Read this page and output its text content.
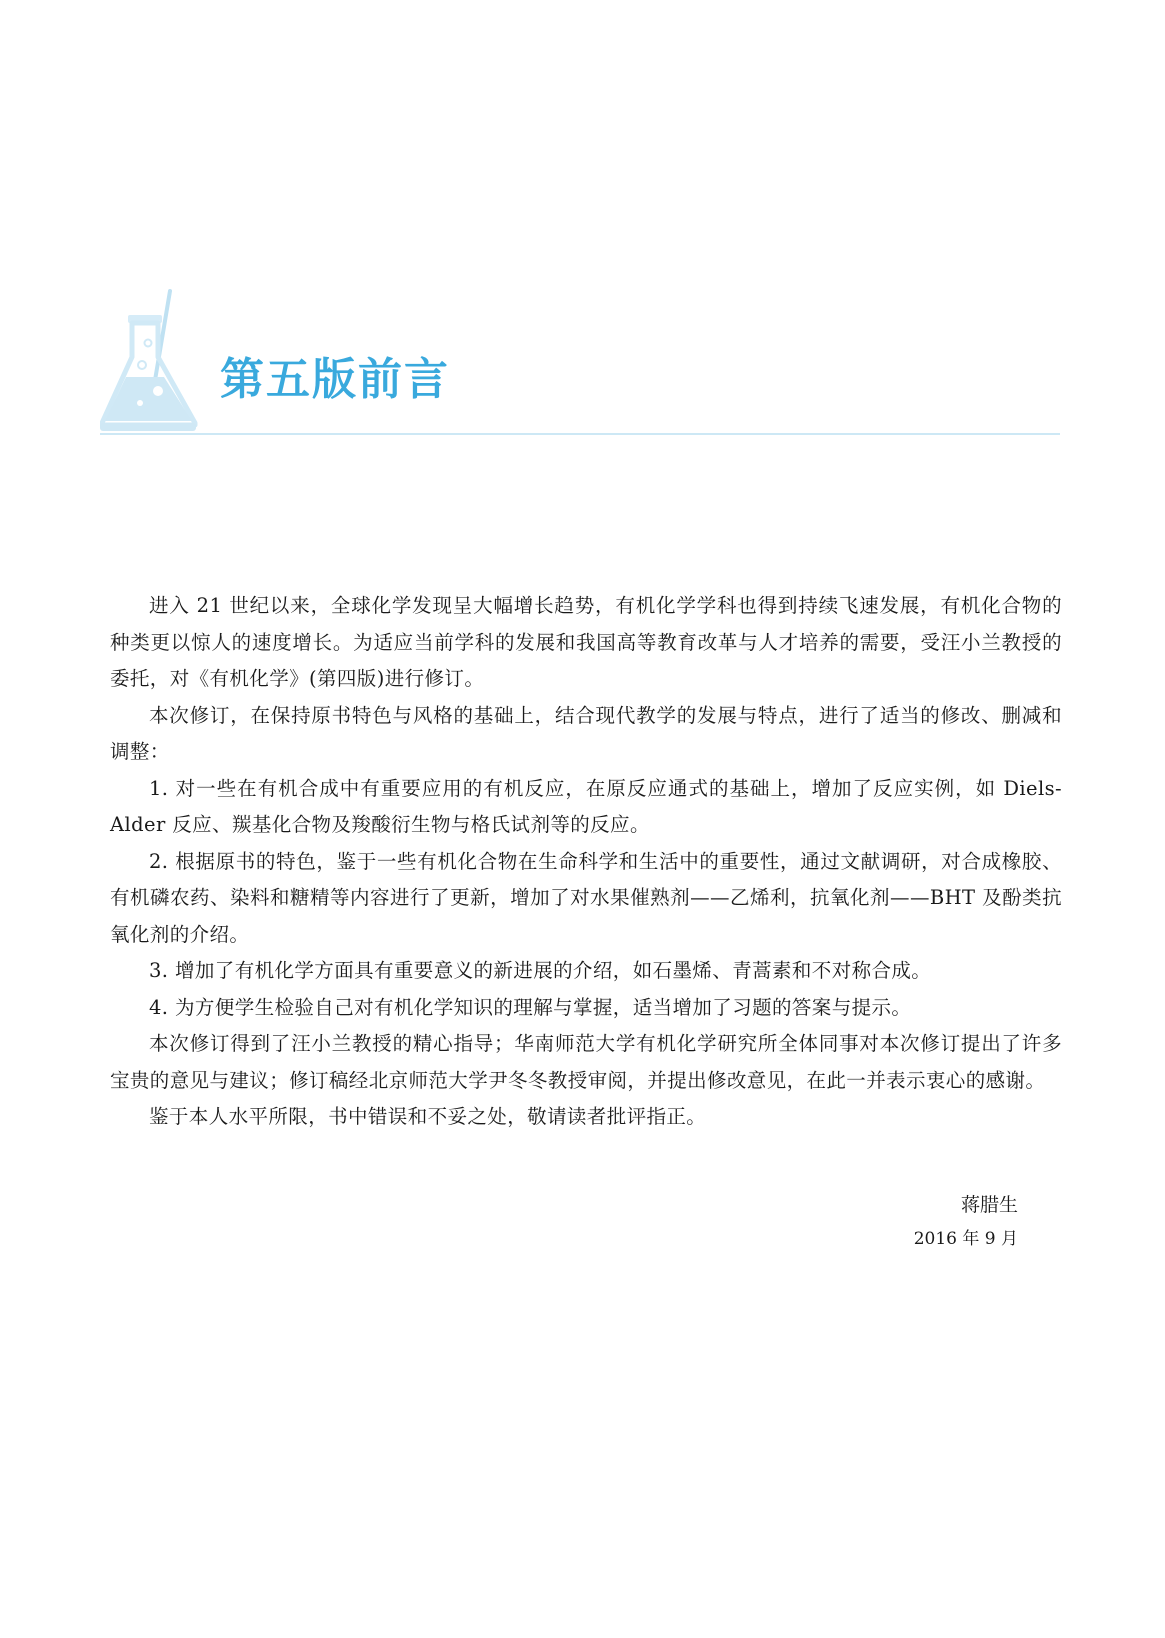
第五版前言

进入 21 世纪以来，全球化学发现呈大幅增长趋势，有机化学学科也得到持续飞速发展，有机化合物的种类更以惊人的速度增长。为适应当前学科的发展和我国高等教育改革与人才培养的需要，受汪小兰教授的委托，对《有机化学》(第四版)进行修订。

本次修订，在保持原书特色与风格的基础上，结合现代教学的发展与特点，进行了适当的修改、删减和调整：

1. 对一些在有机合成中有重要应用的有机反应，在原反应通式的基础上，增加了反应实例，如 Diels-Alder 反应、羰基化合物及羧酸衍生物与格氏试剂等的反应。

2. 根据原书的特色，鉴于一些有机化合物在生命科学和生活中的重要性，通过文献调研，对合成橡胶、有机磷农药、染料和糖精等内容进行了更新，增加了对水果催熟剂——乙烯利，抗氧化剂——BHT 及酚类抗氧化剂的介绍。

3. 增加了有机化学方面具有重要意义的新进展的介绍，如石墨烯、青蒿素和不对称合成。

4. 为方便学生检验自己对有机化学知识的理解与掌握，适当增加了习题的答案与提示。

本次修订得到了汪小兰教授的精心指导；华南师范大学有机化学研究所全体同事对本次修订提出了许多宝贵的意见与建议；修订稿经北京师范大学尹冬冬教授审阅，并提出修改意见，在此一并表示衷心的感谢。

鉴于本人水平所限，书中错误和不妥之处，敬请读者批评指正。

蒋腊生
2016 年 9 月
